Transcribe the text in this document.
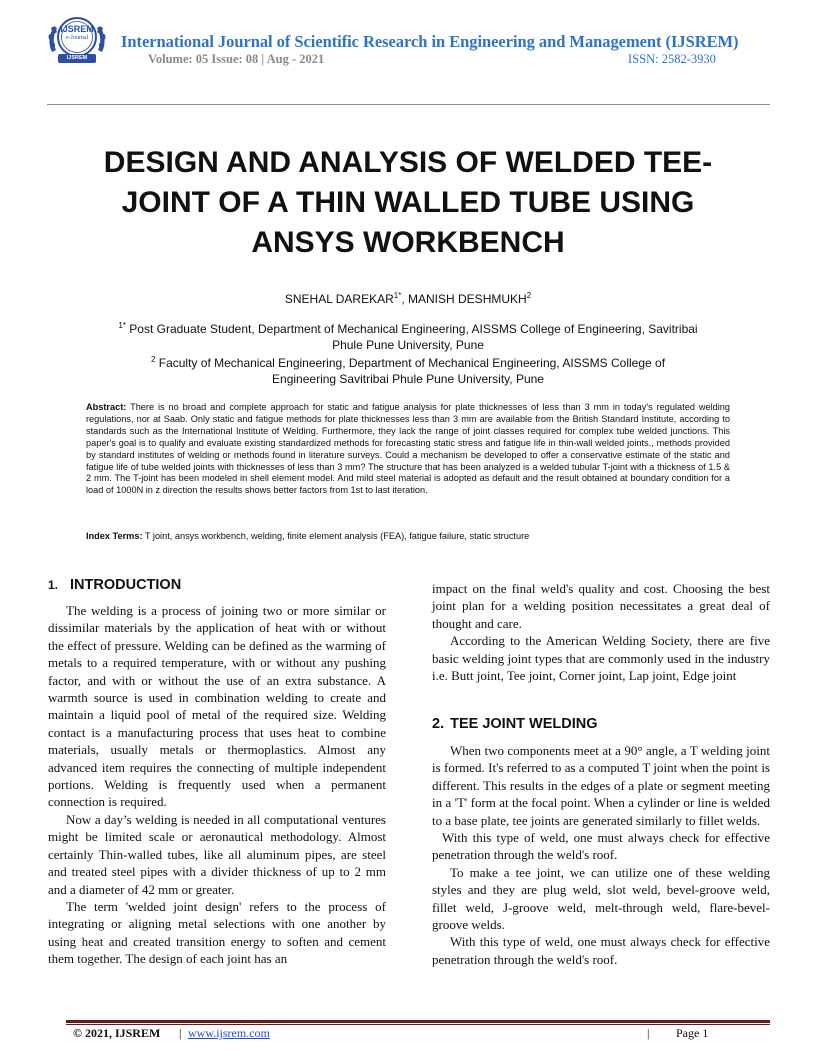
IJSREM
e-Journal
IJSREM
International Journal of Scientific Research in Engineering and Management (IJSREM)
Volume: 05 Issue: 08 | Aug - 2021	ISSN: 2582-3930
DESIGN AND ANALYSIS OF WELDED TEE-
JOINT OF A THIN WALLED TUBE USING
ANSYS WORKBENCH
SNEHAL $DAREKAR^{1*}$, MANISH DESHMUKH$^2$
$^{1*}$ Post Graduate Student, Department of Mechanical Engineering, AISSMS College of Engineering, Savitribai
Phule Pune University, Pune
$^2$ Faculty of Mechanical Engineering, Department of Mechanical Engineering, AISSMS College of
Engineering Savitribai Phule Pune University, Pune
Abstract: There is no broad and complete approach for static and fatigue analysis for plate thicknesses of less than 3 mm in today's regulated welding regulations, nor at Saab. Only static and fatigue methods for plate thicknesses less than 3 mm are available from the British Standard Institute, according to standards such as the International Institute of Welding. Furthermore, they lack the range of joint classes required for complex tube welded junctions. This paper's goal is to qualify and evaluate existing standardized methods for forecasting static stress and fatigue life in thin-wall welded joints., methods provided by standard institutes of welding or methods found in literature surveys. Could a mechanism be developed to offer a conservative estimate of the static and fatigue life of tube welded joints with thicknesses of less than 3 mm? The structure that has been analyzed is a welded tubular T-joint with a thickness of 1.5 & 2 mm. The T-joint has been modeled in shell element model. And mild steel material is adopted as default and the result obtained at boundary condition for a load of 1000N in z direction the results shows better factors from 1st to last iteration.
Index Terms: T joint, ansys workbench, welding, finite element analysis (FEA), fatigue failure, static structure
1. INTRODUCTION

The welding is a process of joining two or more similar or dissimilar materials by the application of heat with or without the effect of pressure. Welding can be defined as the warming of metals to a required temperature, with or without any pushing factor, and with or without the use of an extra substance. A warmth source is used in combination welding to create and maintain a liquid pool of metal of the required size. Welding contact is a manufacturing process that uses heat to combine materials, usually metals or thermoplastics. Almost any advanced item requires the connecting of multiple independent portions. Welding is frequently used when a permanent connection is required.

Now a day’s welding is needed in all computational ventures might be limited scale or aeronautical methodology. Almost certainly Thin-walled tubes, like all aluminum pipes, are steel and treated steel pipes with a divider thickness of up to 2 mm and a diameter of 42 mm or greater.

The term 'welded joint design' refers to the process of integrating or aligning metal selections with one another by using heat and created transition energy to soften and cement them together. The design of each joint has an

impact on the final weld's quality and cost. Choosing the best joint plan for a welding position necessitates a great deal of thought and care.

According to the American Welding Society, there are five basic welding joint types that are commonly used in the industry i.e. Butt joint, Tee joint, Corner joint, Lap joint, Edge joint

2. TEE JOINT WELDING

When two components meet at a 90° angle, a T welding joint is formed. It's referred to as a computed T joint when the point is different. This results in the edges of a plate or segment meeting in a 'T' form at the focal point. When a cylinder or line is welded to a base plate, tee joints are generated similarly to fillet welds.

With this type of weld, one must always check for effective penetration through the weld's roof.

To make a tee joint, we can utilize one of these welding styles and they are plug weld, slot weld, bevel-groove weld, fillet weld, J-groove weld, melt-through weld, flare-bevel-groove welds.

With this type of weld, one must always check for effective penetration through the weld's roof.

© 2021, IJSREM | www.ijsrem.com	| Page 1
